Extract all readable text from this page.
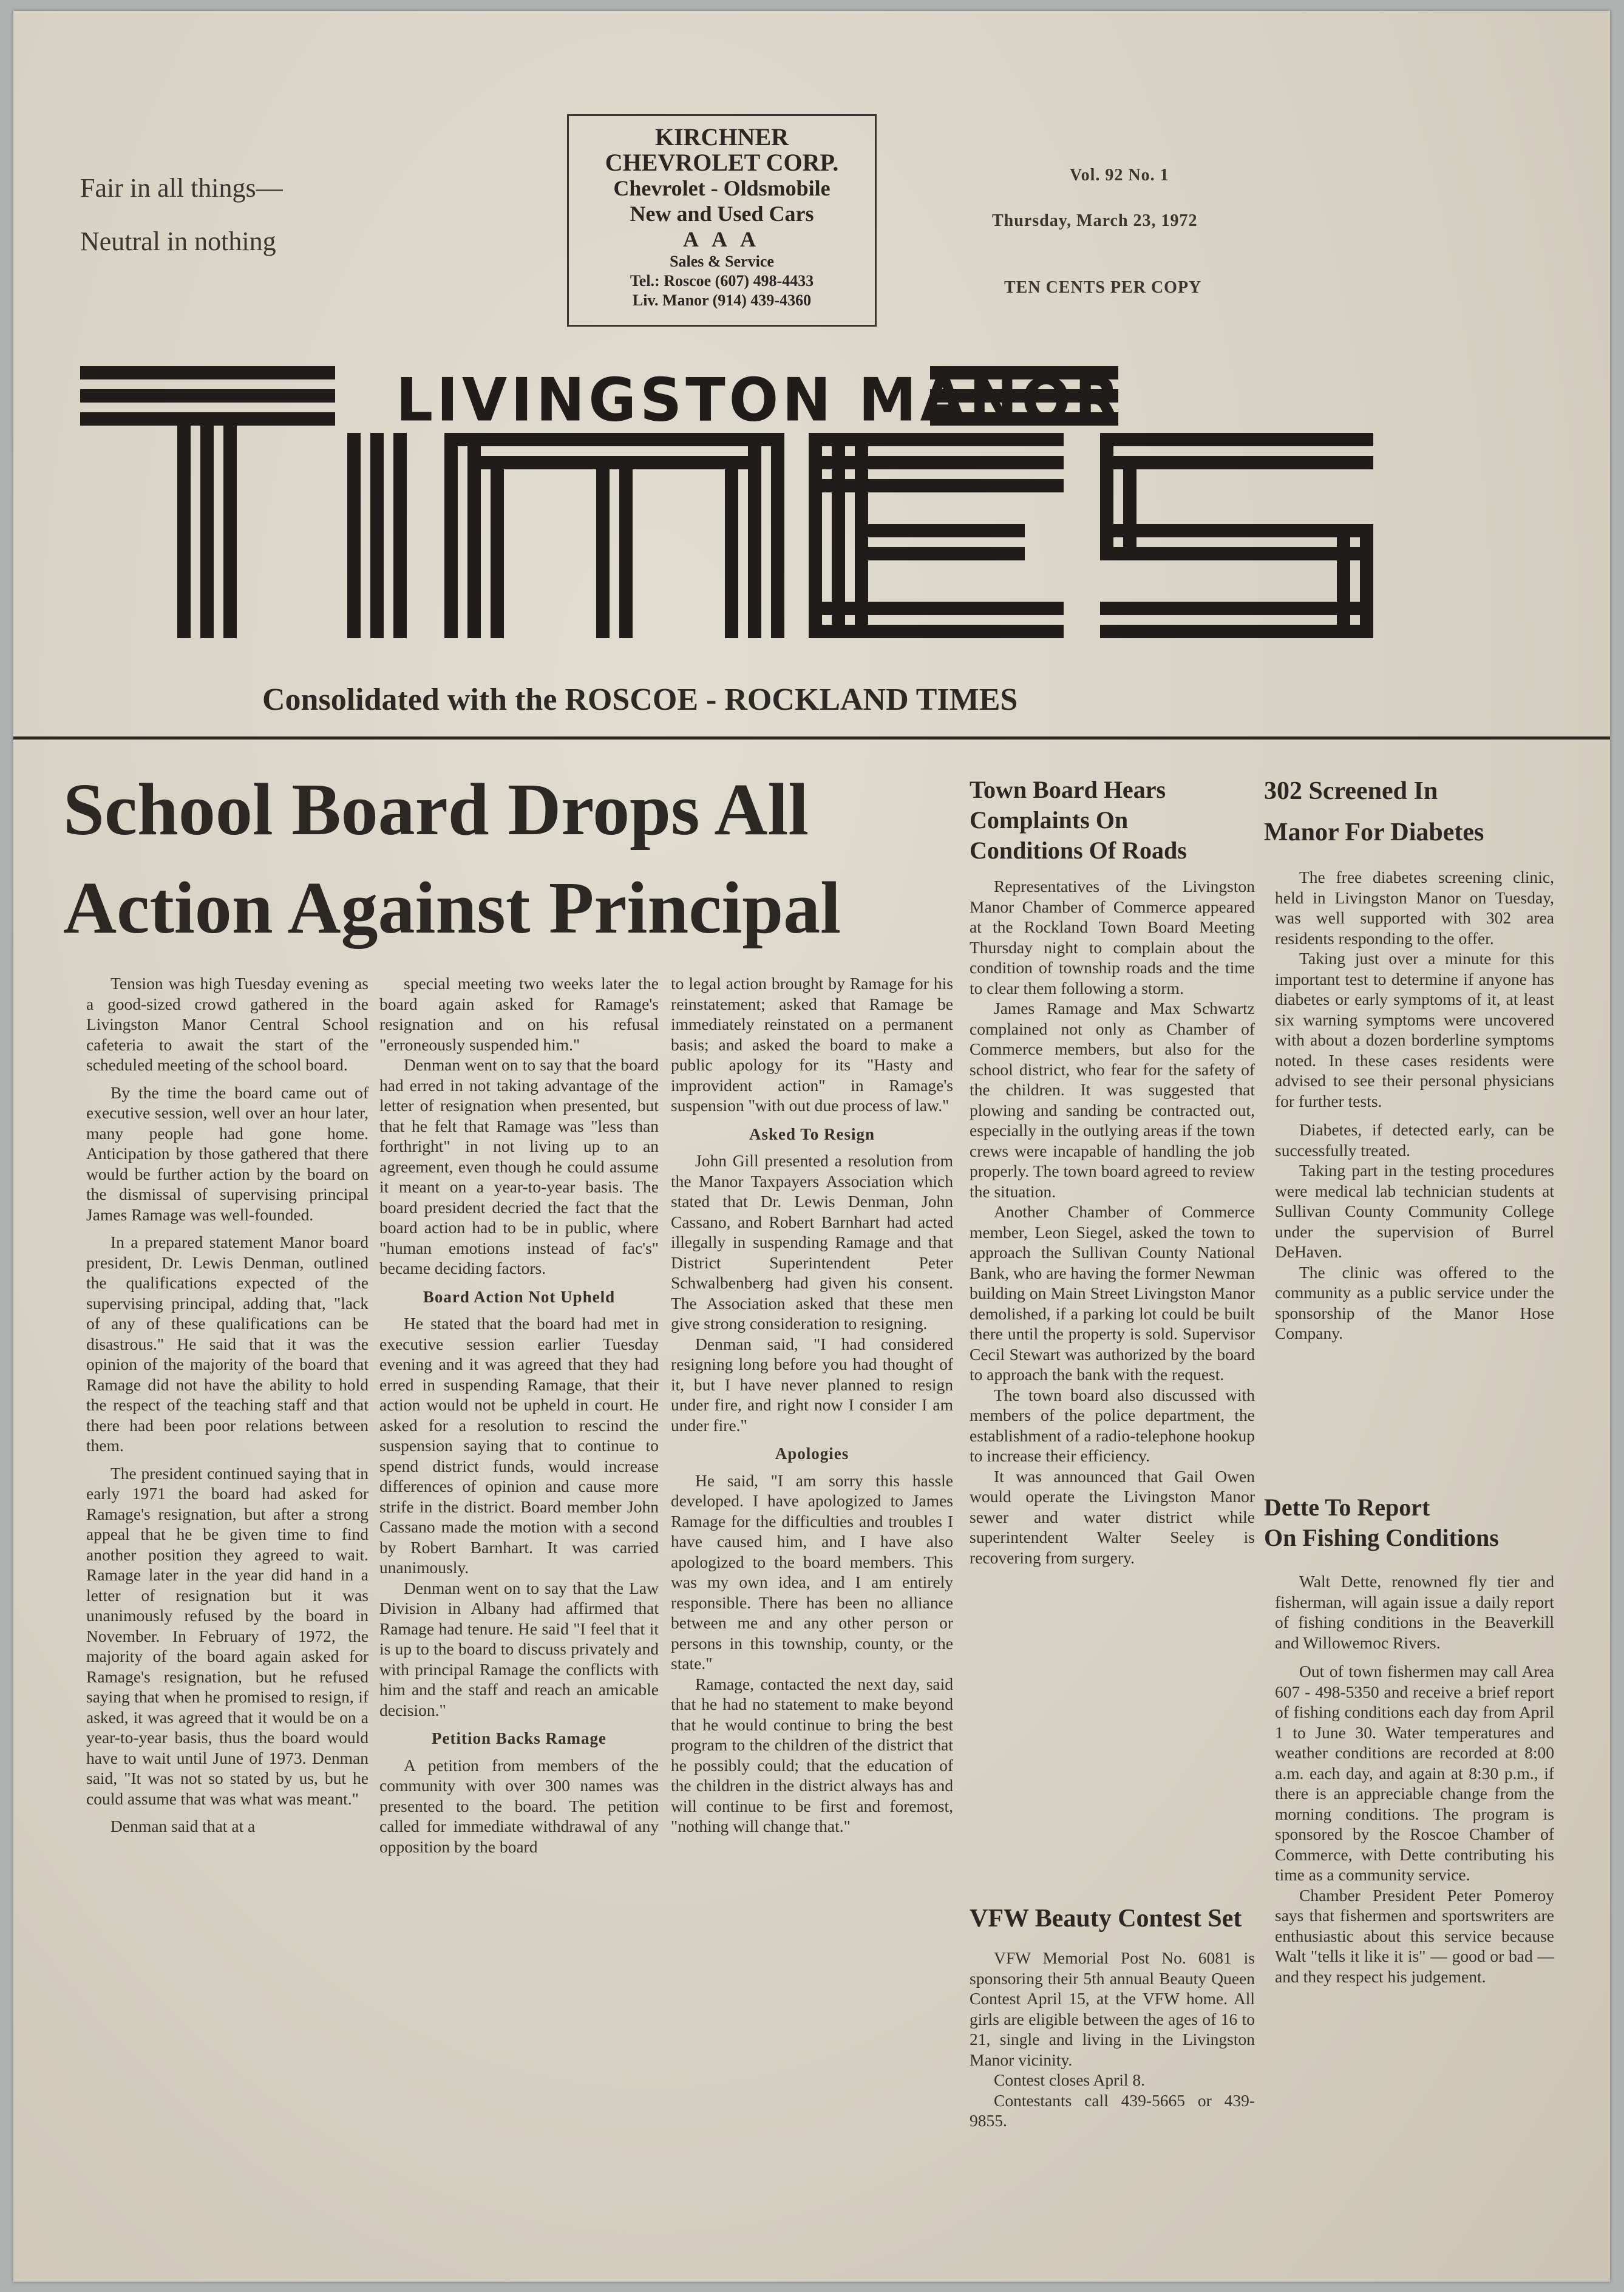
Fair in all things—
Neutral in nothing
KIRCHNER
CHEVROLET CORP.
Chevrolet - Oldsmobile
New and Used Cars
A A A
Sales & Service
Tel.: Roscoe (607) 498-4433
Liv. Manor (914) 439-4360
Vol. 92 No. 1
Thursday, March 23, 1972
TEN CENTS PER COPY
LIVINGSTON MANOR
Consolidated with the ROSCOE - ROCKLAND TIMES
School Board Drops All
Action Against Principal

Tension was high Tuesday evening as a good-sized crowd gathered in the Livingston Manor Central School cafeteria to await the start of the scheduled meeting of the school board.

By the time the board came out of executive session, well over an hour later, many people had gone home. Anticipation by those gathered that there would be further action by the board on the dismissal of supervising principal James Ramage was well-founded.

In a prepared statement Manor board president, Dr. Lewis Denman, outlined the qualifications expected of the supervising principal, adding that, "lack of any of these qualifications can be disastrous." He said that it was the opinion of the majority of the board that Ramage did not have the ability to hold the respect of the teaching staff and that there had been poor relations between them.

The president continued saying that in early 1971 the board had asked for Ramage's resignation, but after a strong appeal that he be given time to find another position they agreed to wait. Ramage later in the year did hand in a letter of resignation but it was unanimously refused by the board in November. In February of 1972, the majority of the board again asked for Ramage's resignation, but he refused saying that when he promised to resign, if asked, it was agreed that it would be on a year-to-year basis, thus the board would have to wait until June of 1973. Denman said, "It was not so stated by us, but he could assume that was what was meant."

Denman said that at a

special meeting two weeks later the board again asked for Ramage's resignation and on his refusal "erroneously suspended him."

Denman went on to say that the board had erred in not taking advantage of the letter of resignation when presented, but that he felt that Ramage was "less than forthright" in not living up to an agreement, even though he could assume it meant on a year-to-year basis. The board president decried the fact that the board action had to be in public, where "human emotions instead of fac's" became deciding factors.

Board Action Not Upheld

He stated that the board had met in executive session earlier Tuesday evening and it was agreed that they had erred in suspending Ramage, that their action would not be upheld in court. He asked for a resolution to rescind the suspension saying that to continue to spend district funds, would increase differences of opinion and cause more strife in the district. Board member John Cassano made the motion with a second by Robert Barnhart. It was carried unanimously.

Denman went on to say that the Law Division in Albany had affirmed that Ramage had tenure. He said "I feel that it is up to the board to discuss privately and with principal Ramage the conflicts with him and the staff and reach an amicable decision."

Petition Backs Ramage

A petition from members of the community with over 300 names was presented to the board. The petition called for immediate withdrawal of any opposition by the board

to legal action brought by Ramage for his reinstatement; asked that Ramage be immediately reinstated on a permanent basis; and asked the board to make a public apology for its "Hasty and improvident action" in Ramage's suspension "with out due process of law."

Asked To Resign

John Gill presented a resolution from the Manor Taxpayers Association which stated that Dr. Lewis Denman, John Cassano, and Robert Barnhart had acted illegally in suspending Ramage and that District Superintendent Peter Schwalbenberg had given his consent. The Association asked that these men give strong consideration to resigning.

Denman said, "I had considered resigning long before you had thought of it, but I have never planned to resign under fire, and right now I consider I am under fire."

Apologies

He said, "I am sorry this hassle developed. I have apologized to James Ramage for the difficulties and troubles I have caused him, and I have also apologized to the board members. This was my own idea, and I am entirely responsible. There has been no alliance between me and any other person or persons in this township, county, or the state."

Ramage, contacted the next day, said that he had no statement to make beyond that he would continue to bring the best program to the children of the district that he possibly could; that the education of the children in the district always has and will continue to be first and foremost, "nothing will change that."

Town Board Hears
Complaints On
Conditions Of Roads

Representatives of the Livingston Manor Chamber of Commerce appeared at the Rockland Town Board Meeting Thursday night to complain about the condition of township roads and the time to clear them following a storm.

James Ramage and Max Schwartz complained not only as Chamber of Commerce members, but also for the school district, who fear for the safety of the children. It was suggested that plowing and sanding be contracted out, especially in the outlying areas if the town crews were incapable of handling the job properly. The town board agreed to review the situation.

Another Chamber of Commerce member, Leon Siegel, asked the town to approach the Sullivan County National Bank, who are having the former Newman building on Main Street Livingston Manor demolished, if a parking lot could be built there until the property is sold. Supervisor Cecil Stewart was authorized by the board to approach the bank with the request.

The town board also discussed with members of the police department, the establishment of a radio-telephone hookup to increase their efficiency.

It was announced that Gail Owen would operate the Livingston Manor sewer and water district while superintendent Walter Seeley is recovering from surgery.

VFW Beauty Contest Set

VFW Memorial Post No. 6081 is sponsoring their 5th annual Beauty Queen Contest April 15, at the VFW home. All girls are eligible between the ages of 16 to 21, single and living in the Livingston Manor vicinity.

Contest closes April 8.

Contestants call 439-5665 or 439- 9855.

302 Screened In
Manor For Diabetes

The free diabetes screening clinic, held in Livingston Manor on Tuesday, was well supported with 302 area residents responding to the offer.

Taking just over a minute for this important test to determine if anyone has diabetes or early symptoms of it, at least six warning symptoms were uncovered with about a dozen borderline symptoms noted. In these cases residents were advised to see their personal physicians for further tests.

Diabetes, if detected early, can be successfully treated.

Taking part in the testing procedures were medical lab technician students at Sullivan County Community College under the supervision of Burrel DeHaven.

The clinic was offered to the community as a public service under the sponsorship of the Manor Hose Company.

Dette To Report
On Fishing Conditions

Walt Dette, renowned fly tier and fisherman, will again issue a daily report of fishing conditions in the Beaverkill and Willowemoc Rivers.

Out of town fishermen may call Area 607 - 498-5350 and receive a brief report of fishing conditions each day from April 1 to June 30. Water temperatures and weather conditions are recorded at 8:00 a.m. each day, and again at 8:30 p.m., if there is an appreciable change from the morning conditions. The program is sponsored by the Roscoe Chamber of Commerce, with Dette contributing his time as a community service.

Chamber President Peter Pomeroy says that fishermen and sportswriters are enthusiastic about this service because Walt "tells it like it is" — good or bad — and they respect his judgement.
